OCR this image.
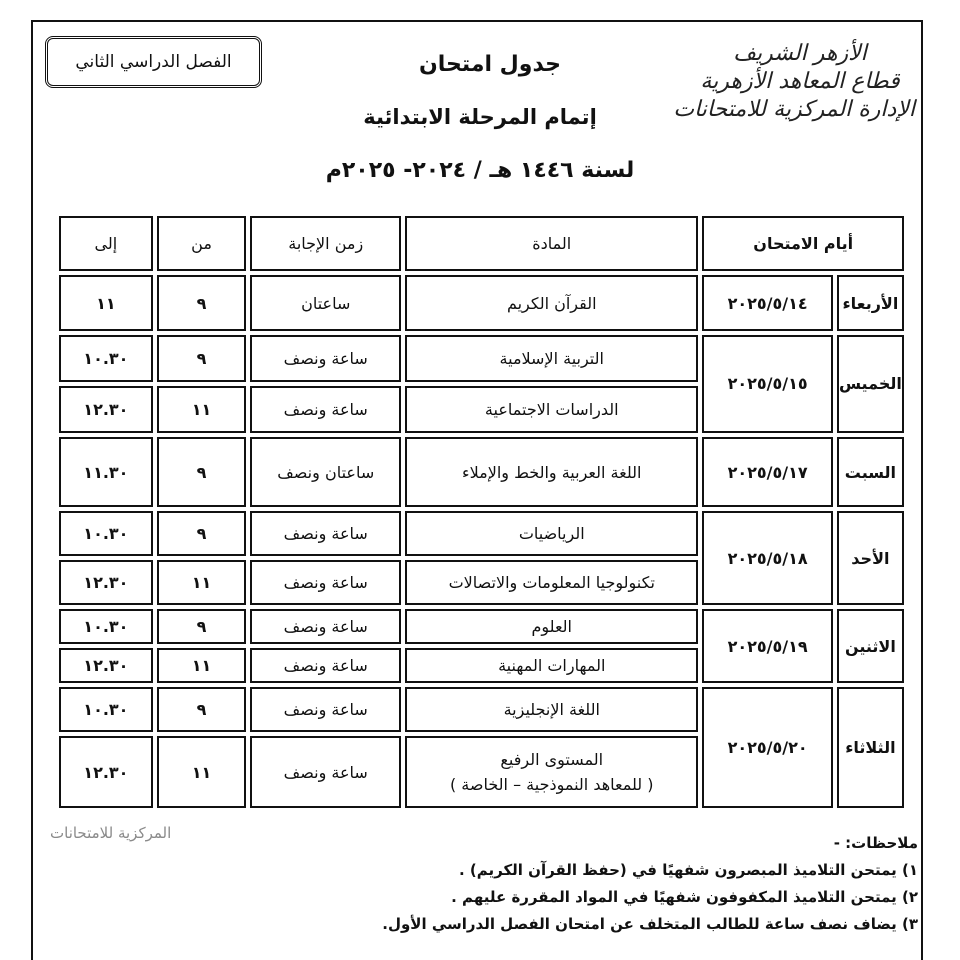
الفصل الدراسي الثاني	الأزهر الشريف
قطاع المعاهد الأزهرية
الإدارة المركزية للامتحانات
جدول امتحان
إتمام المرحلة الابتدائية
لسنة ١٤٤٦ هـ / ٢٠٢٤- ٢٠٢٥م
أيام الامتحان		المادة	زمن الإجابة	من	إلى
الأربعاء	٢٠٢٥/٥/١٤	القرآن الكريم	ساعتان	٩	١١
الخميس	٢٠٢٥/٥/١٥	التربية الإسلامية	ساعة ونصف	٩	١٠.٣٠
		الدراسات الاجتماعية	ساعة ونصف	١١	١٢.٣٠
السبت	٢٠٢٥/٥/١٧	اللغة العربية والخط والإملاء	ساعتان ونصف	٩	١١.٣٠
الأحد	٢٠٢٥/٥/١٨	الرياضيات	ساعة ونصف	٩	١٠.٣٠
		تكنولوجيا المعلومات والاتصالات	ساعة ونصف	١١	١٢.٣٠
الاثنين	٢٠٢٥/٥/١٩	العلوم	ساعة ونصف	٩	١٠.٣٠
		المهارات المهنية	ساعة ونصف	١١	١٢.٣٠
الثلاثاء	٢٠٢٥/٥/٢٠	اللغة الإنجليزية	ساعة ونصف	٩	١٠.٣٠

		المستوى الرفيع
( للمعاهد النموذجية – الخاصة )	ساعة ونصف	١١	١٢.٣٠
المركزية للامتحانات
ملاحظات: -
١) يمتحن التلاميذ المبصرون شفهيًا في (حفظ القرآن الكريم) .
٢) يمتحن التلاميذ المكفوفون شفهيًا في المواد المقررة عليهم .
٣) يضاف نصف ساعة للطالب المتخلف عن امتحان الفصل الدراسي الأول.
